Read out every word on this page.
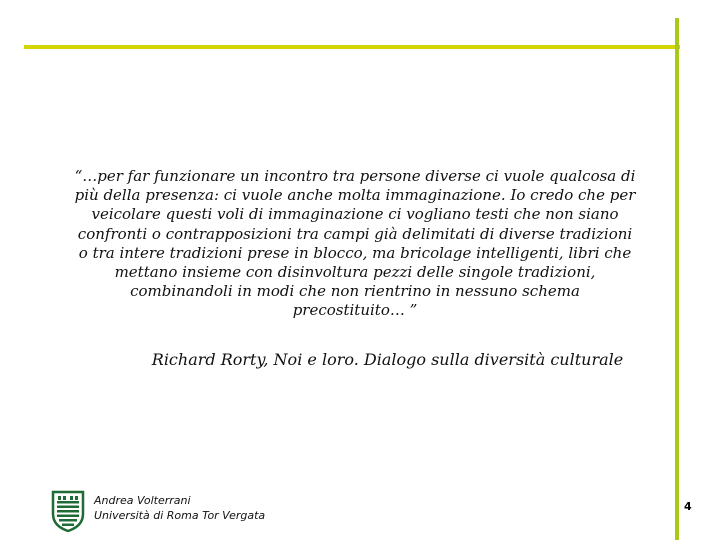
“…per far funzionare un incontro tra persone diverse ci vuole qualcosa di
più della presenza: ci vuole anche molta immaginazione. Io credo che per
veicolare questi voli di immaginazione ci vogliano testi che non siano
confronti o contrapposizioni tra campi già delimitati di diverse tradizioni
o tra intere tradizioni prese in blocco, ma bricolage intelligenti, libri che
mettano insieme con disinvoltura pezzi delle singole tradizioni,
combinandoli in modi che non rientrino in nessuno schema
precostituito… ”
Richard Rorty, Noi e loro. Dialogo sulla diversità culturale
Andrea Volterrani
Università di Roma Tor Vergata
4
